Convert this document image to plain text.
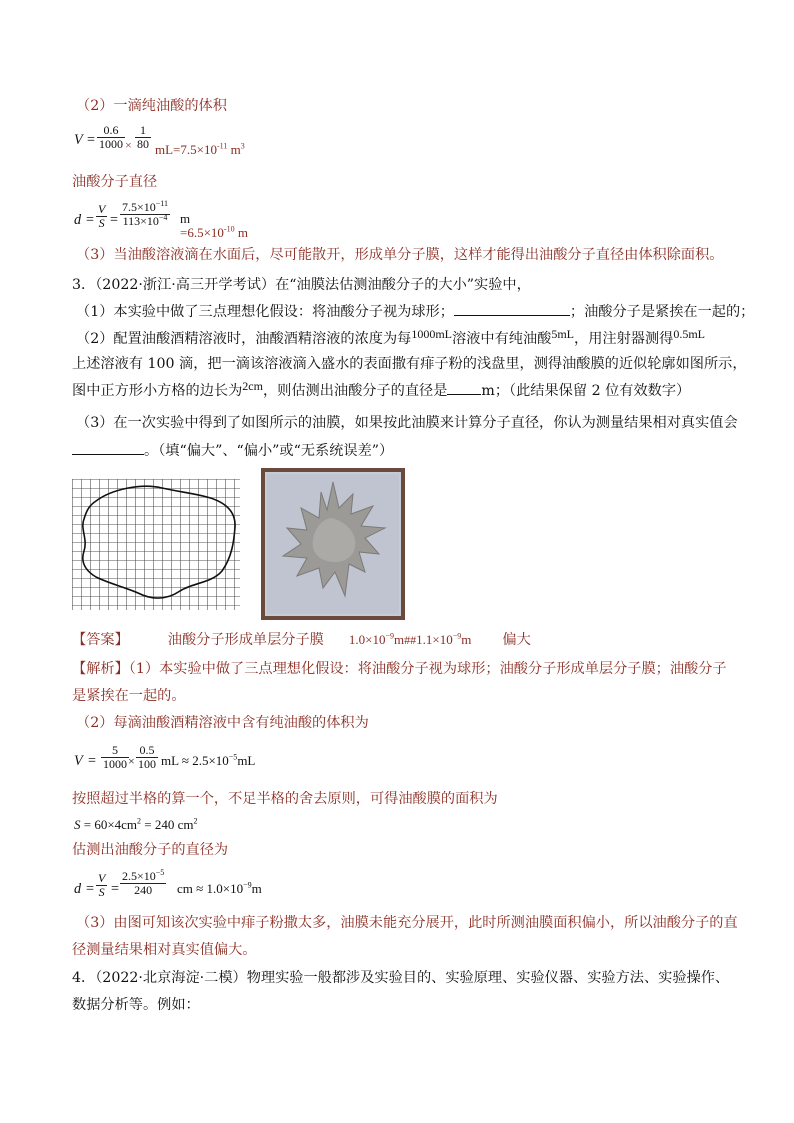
（2）一滴纯油酸的体积
$V = \frac{0.6}{1000} \times \frac{1}{80} mL=7.5\times 10^{-11}$ $m^3$
油酸分子直径
$d = \frac{V}{S} = \frac{7.5\times 10^{-11}}{113\times 10^{-4}}$ m
$=6.5\times 10^{-10}$ m
（3）当油酸溶液滴在水面后，尽可能散开，形成单分子膜，这样才能得出油酸分子直径由体积除面积。
3．（2022·浙江·高三开学考试）在“油膜法估测油酸分子的大小”实验中，
（1）本实验中做了三点理想化假设：将油酸分子视为球形；	；油酸分子是紧挨在一起的；
（2）配置油酸酒精溶液时，油酸酒精溶液的浓度为每$^{1000mL}$溶液中有纯油酸$^{5mL}$，用注射器测得$^{0.5mL}$
上述溶液有 100 滴，把一滴该溶液滴入盛水的表面撒有痱子粉的浅盘里，测得油酸膜的近似轮廓如图所示，
图中正方形小方格的边长为$^{2cm}$，则估测出油酸分子的直径是 m；（此结果保留 2 位有效数字）
（3）在一次实验中得到了如图所示的油膜，如果按此油膜来计算分子直径，你认为测量结果相对真实值会
。（填“偏大”、“偏小”或“无系统误差”）
【答案】	油酸分子形成单层分子膜 $1.0\times 10^{-9}m\#\#1.1\times 10^{-9}m$ 偏大
【解析】（1）本实验中做了三点理想化假设：将油酸分子视为球形；油酸分子形成单层分子膜；油酸分子
是紧挨在一起的。
（2）每滴油酸酒精溶液中含有纯油酸的体积为
$V = \frac{5}{1000} \times \frac{0.5}{100}$ mL ≈ $2.5\times 10^{-5}mL$
按照超过半格的算一个，不足半格的舍去原则，可得油酸膜的面积为
$S = 60\times 4cm^2 = 240$ $cm^2$
估测出油酸分子的直径为
$d = \frac{V}{S} = \frac{2.5\times 10^{-5}}{240}$ cm ≈ $1.0\times 10^{-9}m$
（3）由图可知该次实验中痱子粉撒太多，油膜未能充分展开，此时所测油膜面积偏小，所以油酸分子的直
径测量结果相对真实值偏大。
4．（2022·北京海淀·二模）物理实验一般都涉及实验目的、实验原理、实验仪器、实验方法、实验操作、
数据分析等。例如：
